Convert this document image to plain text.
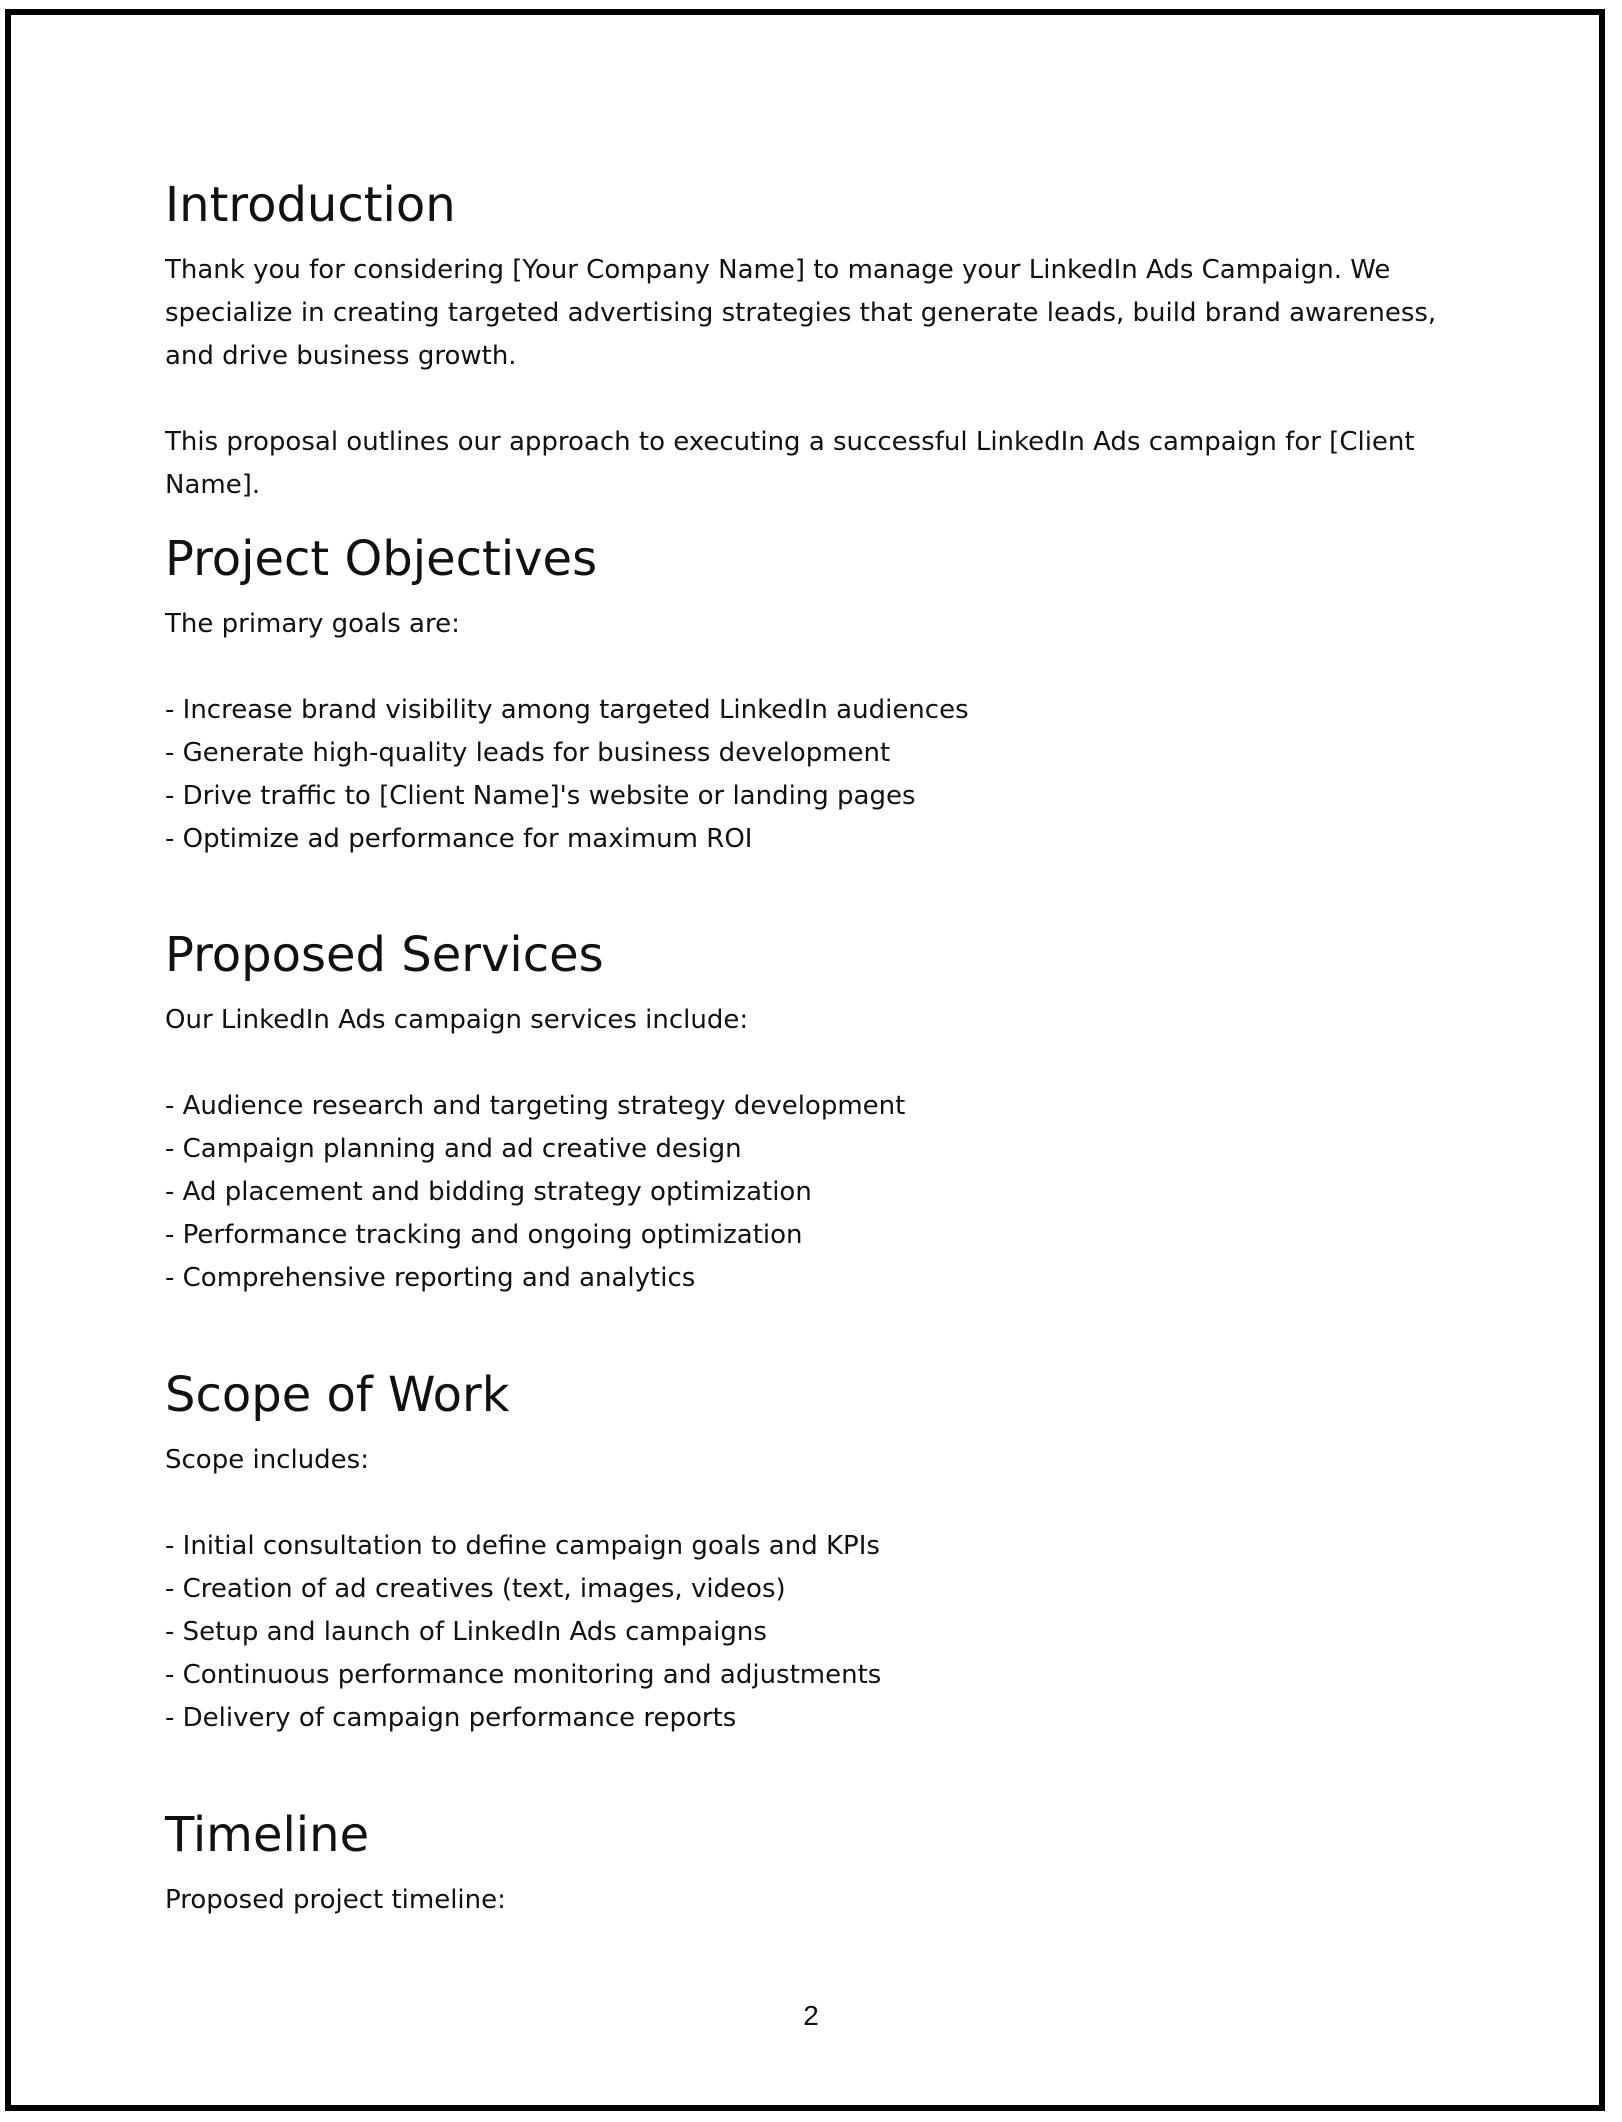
Introduction

Thank you for considering [Your Company Name] to manage your LinkedIn Ads Campaign. We specialize in creating targeted advertising strategies that generate leads, build brand awareness, and drive business growth.

This proposal outlines our approach to executing a successful LinkedIn Ads campaign for [Client Name].

Project Objectives

The primary goals are:

- Increase brand visibility among targeted LinkedIn audiences
- Generate high-quality leads for business development
- Drive traffic to [Client Name]'s website or landing pages
- Optimize ad performance for maximum ROI
Proposed Services

Our LinkedIn Ads campaign services include:

- Audience research and targeting strategy development
- Campaign planning and ad creative design
- Ad placement and bidding strategy optimization
- Performance tracking and ongoing optimization
- Comprehensive reporting and analytics
Scope of Work

Scope includes:

- Initial consultation to define campaign goals and KPIs
- Creation of ad creatives (text, images, videos)
- Setup and launch of LinkedIn Ads campaigns
- Continuous performance monitoring and adjustments
- Delivery of campaign performance reports
Timeline

Proposed project timeline:

2
